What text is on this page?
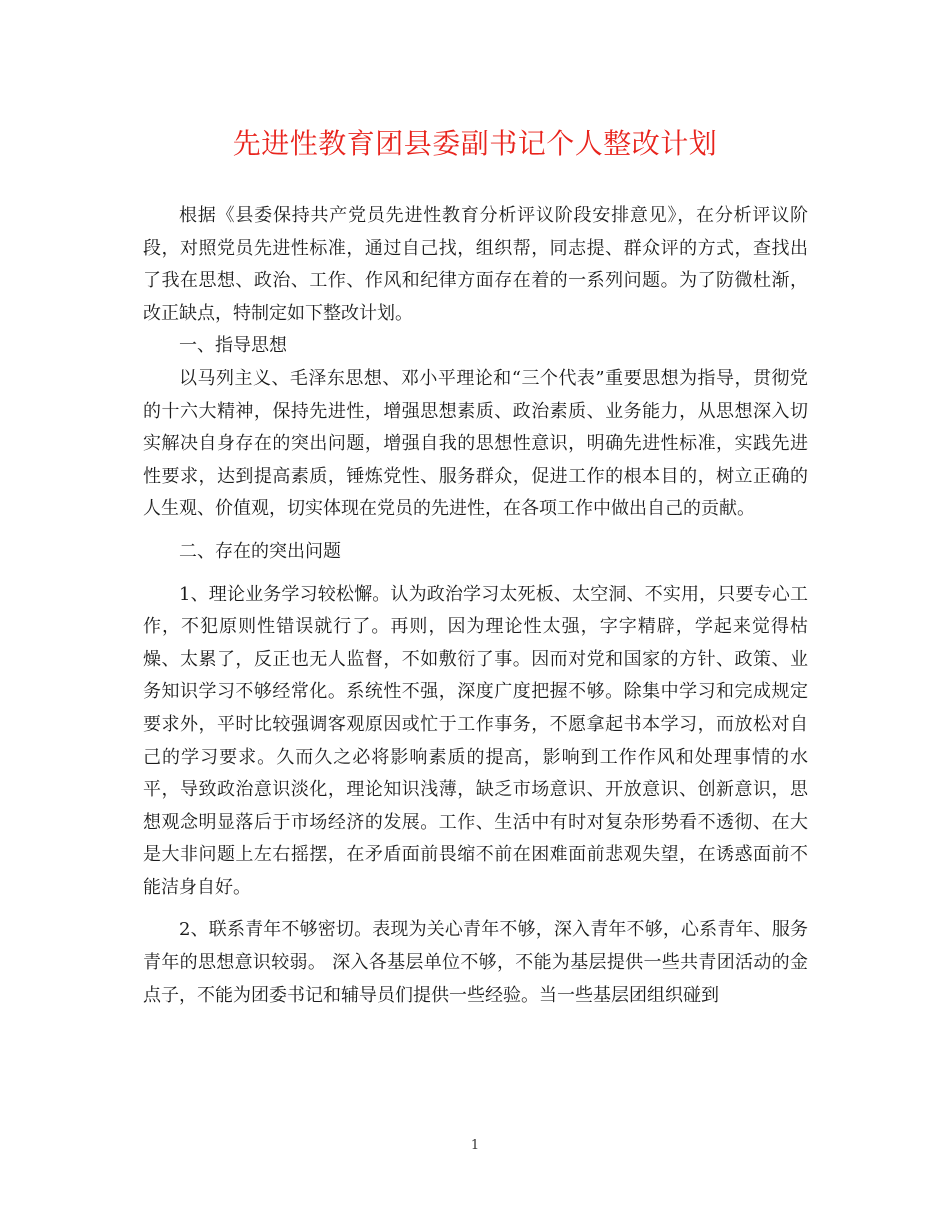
先进性教育团县委副书记个人整改计划

根据《县委保持共产党员先进性教育分析评议阶段安排意见》，在分析评议阶段，对照党员先进性标准，通过自己找，组织帮，同志提、群众评的方式，查找出了我在思想、政治、工作、作风和纪律方面存在着的一系列问题。为了防微杜渐，改正缺点，特制定如下整改计划。

一、指导思想

以马列主义、毛泽东思想、邓小平理论和“三个代表”重要思想为指导，贯彻党的十六大精神，保持先进性，增强思想素质、政治素质、业务能力，从思想深入切实解决自身存在的突出问题，增强自我的思想性意识，明确先进性标准，实践先进性要求，达到提高素质，锤炼党性、服务群众，促进工作的根本目的，树立正确的人生观、价值观，切实体现在党员的先进性，在各项工作中做出自己的贡献。

二、存在的突出问题

1、理论业务学习较松懈。认为政治学习太死板、太空洞、不实用，只要专心工作，不犯原则性错误就行了。再则，因为理论性太强，字字精辟，学起来觉得枯燥、太累了，反正也无人监督，不如敷衍了事。因而对党和国家的方针、政策、业务知识学习不够经常化。系统性不强，深度广度把握不够。除集中学习和完成规定要求外，平时比较强调客观原因或忙于工作事务，不愿拿起书本学习，而放松对自己的学习要求。久而久之必将影响素质的提高，影响到工作作风和处理事情的水平，导致政治意识淡化，理论知识浅薄，缺乏市场意识、开放意识、创新意识，思想观念明显落后于市场经济的发展。工作、生活中有时对复杂形势看不透彻、在大是大非问题上左右摇摆，在矛盾面前畏缩不前在困难面前悲观失望，在诱惑面前不能洁身自好。

2、联系青年不够密切。表现为关心青年不够，深入青年不够，心系青年、服务青年的思想意识较弱。 深入各基层单位不够，不能为基层提供一些共青团活动的金点子，不能为团委书记和辅导员们提供一些经验。当一些基层团组织碰到

1
